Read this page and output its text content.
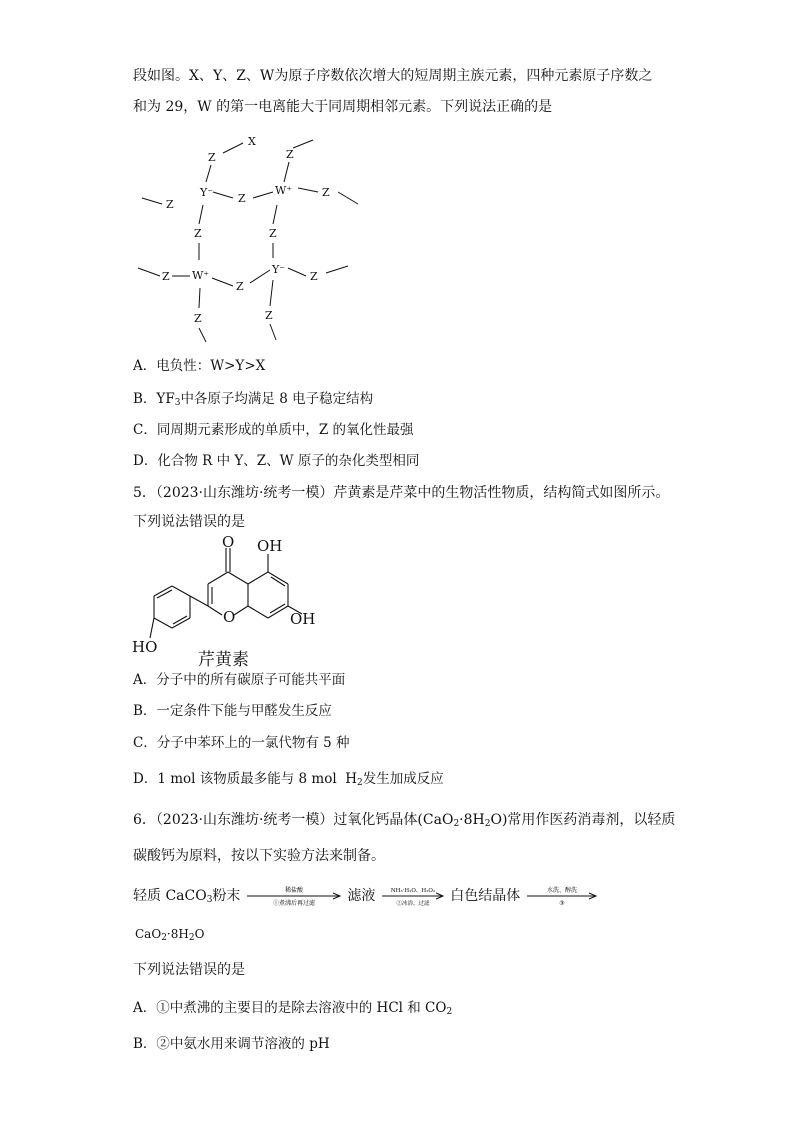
段如图。X、Y、Z、W为原子序数依次增大的短周期主族元素，四种元素原子序数之
和为 29，W 的第一电离能大于同周期相邻元素。下列说法正确的是
X
Z	Z
Z
Y⁻ Z
W⁺	Z
Z	Z
Z W⁺
Z
Y⁻
Z
Z	Z
A．电负性：W>Y>X
B．$YF_3$中各原子均满足 8 电子稳定结构
C．同周期元素形成的单质中，Z 的氧化性最强
D．化合物 R 中 Y、Z、W 原子的杂化类型相同
5．（2023·山东潍坊·统考一模）芹黄素是芹菜中的生物活性物质，结构简式如图所示。
下列说法错误的是
O OH
O	OH
HO
芹黄素
A．分子中的所有碳原子可能共平面
B．一定条件下能与甲醛发生反应
C．分子中苯环上的一氯代物有 5 种
D．1 mol 该物质最多能与 8 mol $H_2$发生加成反应
6．（2023·山东潍坊·统考一模）过氧化钙晶体$(CaO_2\cdot 8H_2O)$常用作医药消毒剂，以轻质
碳酸钙为原料，按以下实验方法来制备。
轻质 CaCO$_3$粉末	稀盐酸
①煮沸后再过滤 滤液	NH₃·H₂O、H₂O₂
②冰浴、过滤 白色结晶体	水洗、醇洗
③
$CaO_2\cdot 8H_2O$
下列说法错误的是
A．①中煮沸的主要目的是除去溶液中的 HCl 和 $CO_2$
B．②中氨水用来调节溶液的 pH
